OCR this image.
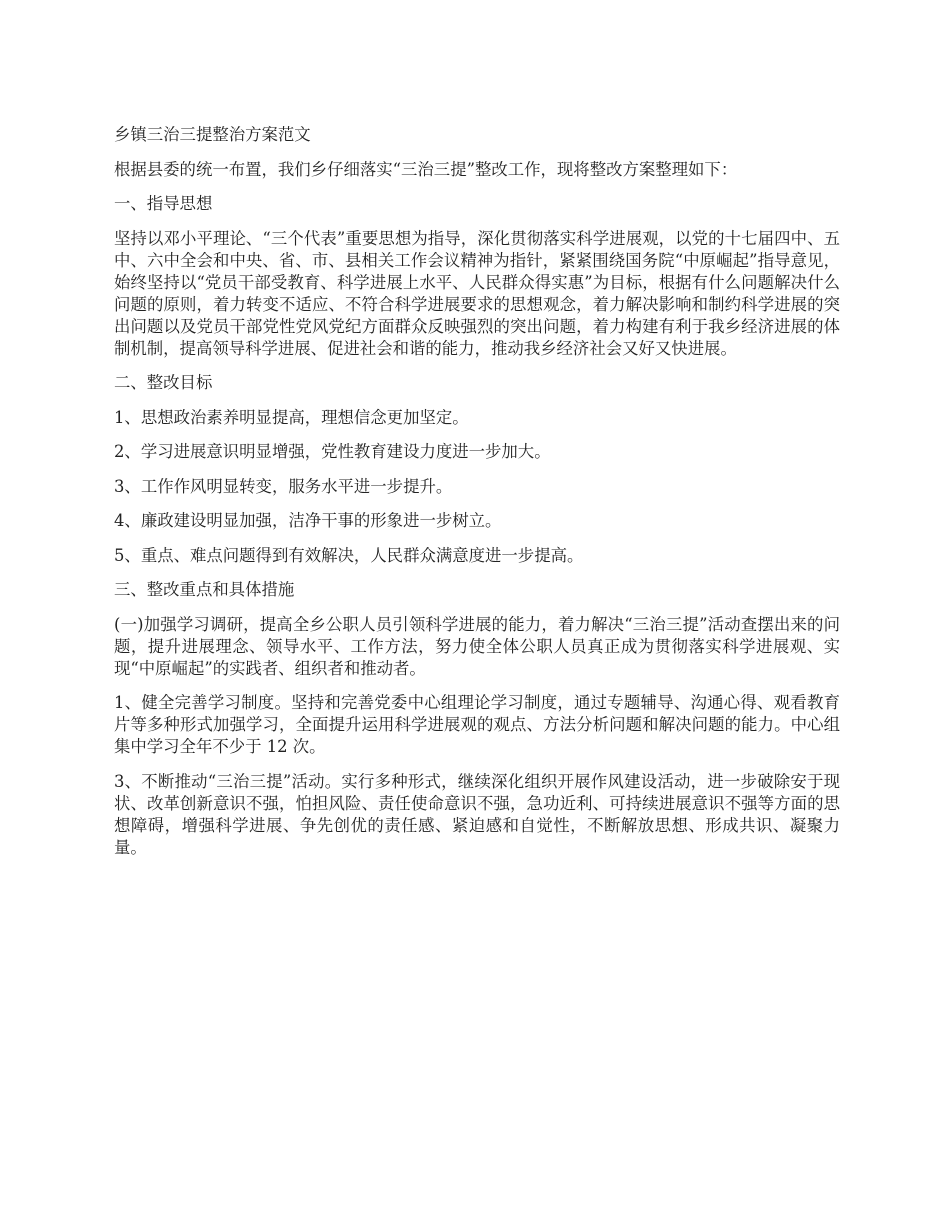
乡镇三治三提整治方案范文

根据县委的统一布置，我们乡仔细落实“三治三提”整改工作，现将整改方案整理如下：

一、指导思想

坚持以邓小平理论、“三个代表”重要思想为指导，深化贯彻落实科学进展观，以党的十七届四中、五中、六中全会和中央、省、市、县相关工作会议精神为指针，紧紧围绕国务院“中原崛起”指导意见，始终坚持以“党员干部受教育、科学进展上水平、人民群众得实惠”为目标，根据有什么问题解决什么问题的原则，着力转变不适应、不符合科学进展要求的思想观念，着力解决影响和制约科学进展的突出问题以及党员干部党性党风党纪方面群众反映强烈的突出问题，着力构建有利于我乡经济进展的体制机制，提高领导科学进展、促进社会和谐的能力，推动我乡经济社会又好又快进展。

二、整改目标

1、思想政治素养明显提高，理想信念更加坚定。

2、学习进展意识明显增强，党性教育建设力度进一步加大。

3、工作作风明显转变，服务水平进一步提升。

4、廉政建设明显加强，洁净干事的形象进一步树立。

5、重点、难点问题得到有效解决，人民群众满意度进一步提高。

三、整改重点和具体措施

(一)加强学习调研，提高全乡公职人员引领科学进展的能力，着力解决“三治三提”活动查摆出来的问题，提升进展理念、领导水平、工作方法，努力使全体公职人员真正成为贯彻落实科学进展观、实现“中原崛起”的实践者、组织者和推动者。

1、健全完善学习制度。坚持和完善党委中心组理论学习制度，通过专题辅导、沟通心得、观看教育片等多种形式加强学习，全面提升运用科学进展观的观点、方法分析问题和解决问题的能力。中心组集中学习全年不少于 12 次。

3、不断推动“三治三提”活动。实行多种形式，继续深化组织开展作风建设活动，进一步破除安于现状、改革创新意识不强，怕担风险、责任使命意识不强，急功近利、可持续进展意识不强等方面的思想障碍，增强科学进展、争先创优的责任感、紧迫感和自觉性，不断解放思想、形成共识、凝聚力量。
